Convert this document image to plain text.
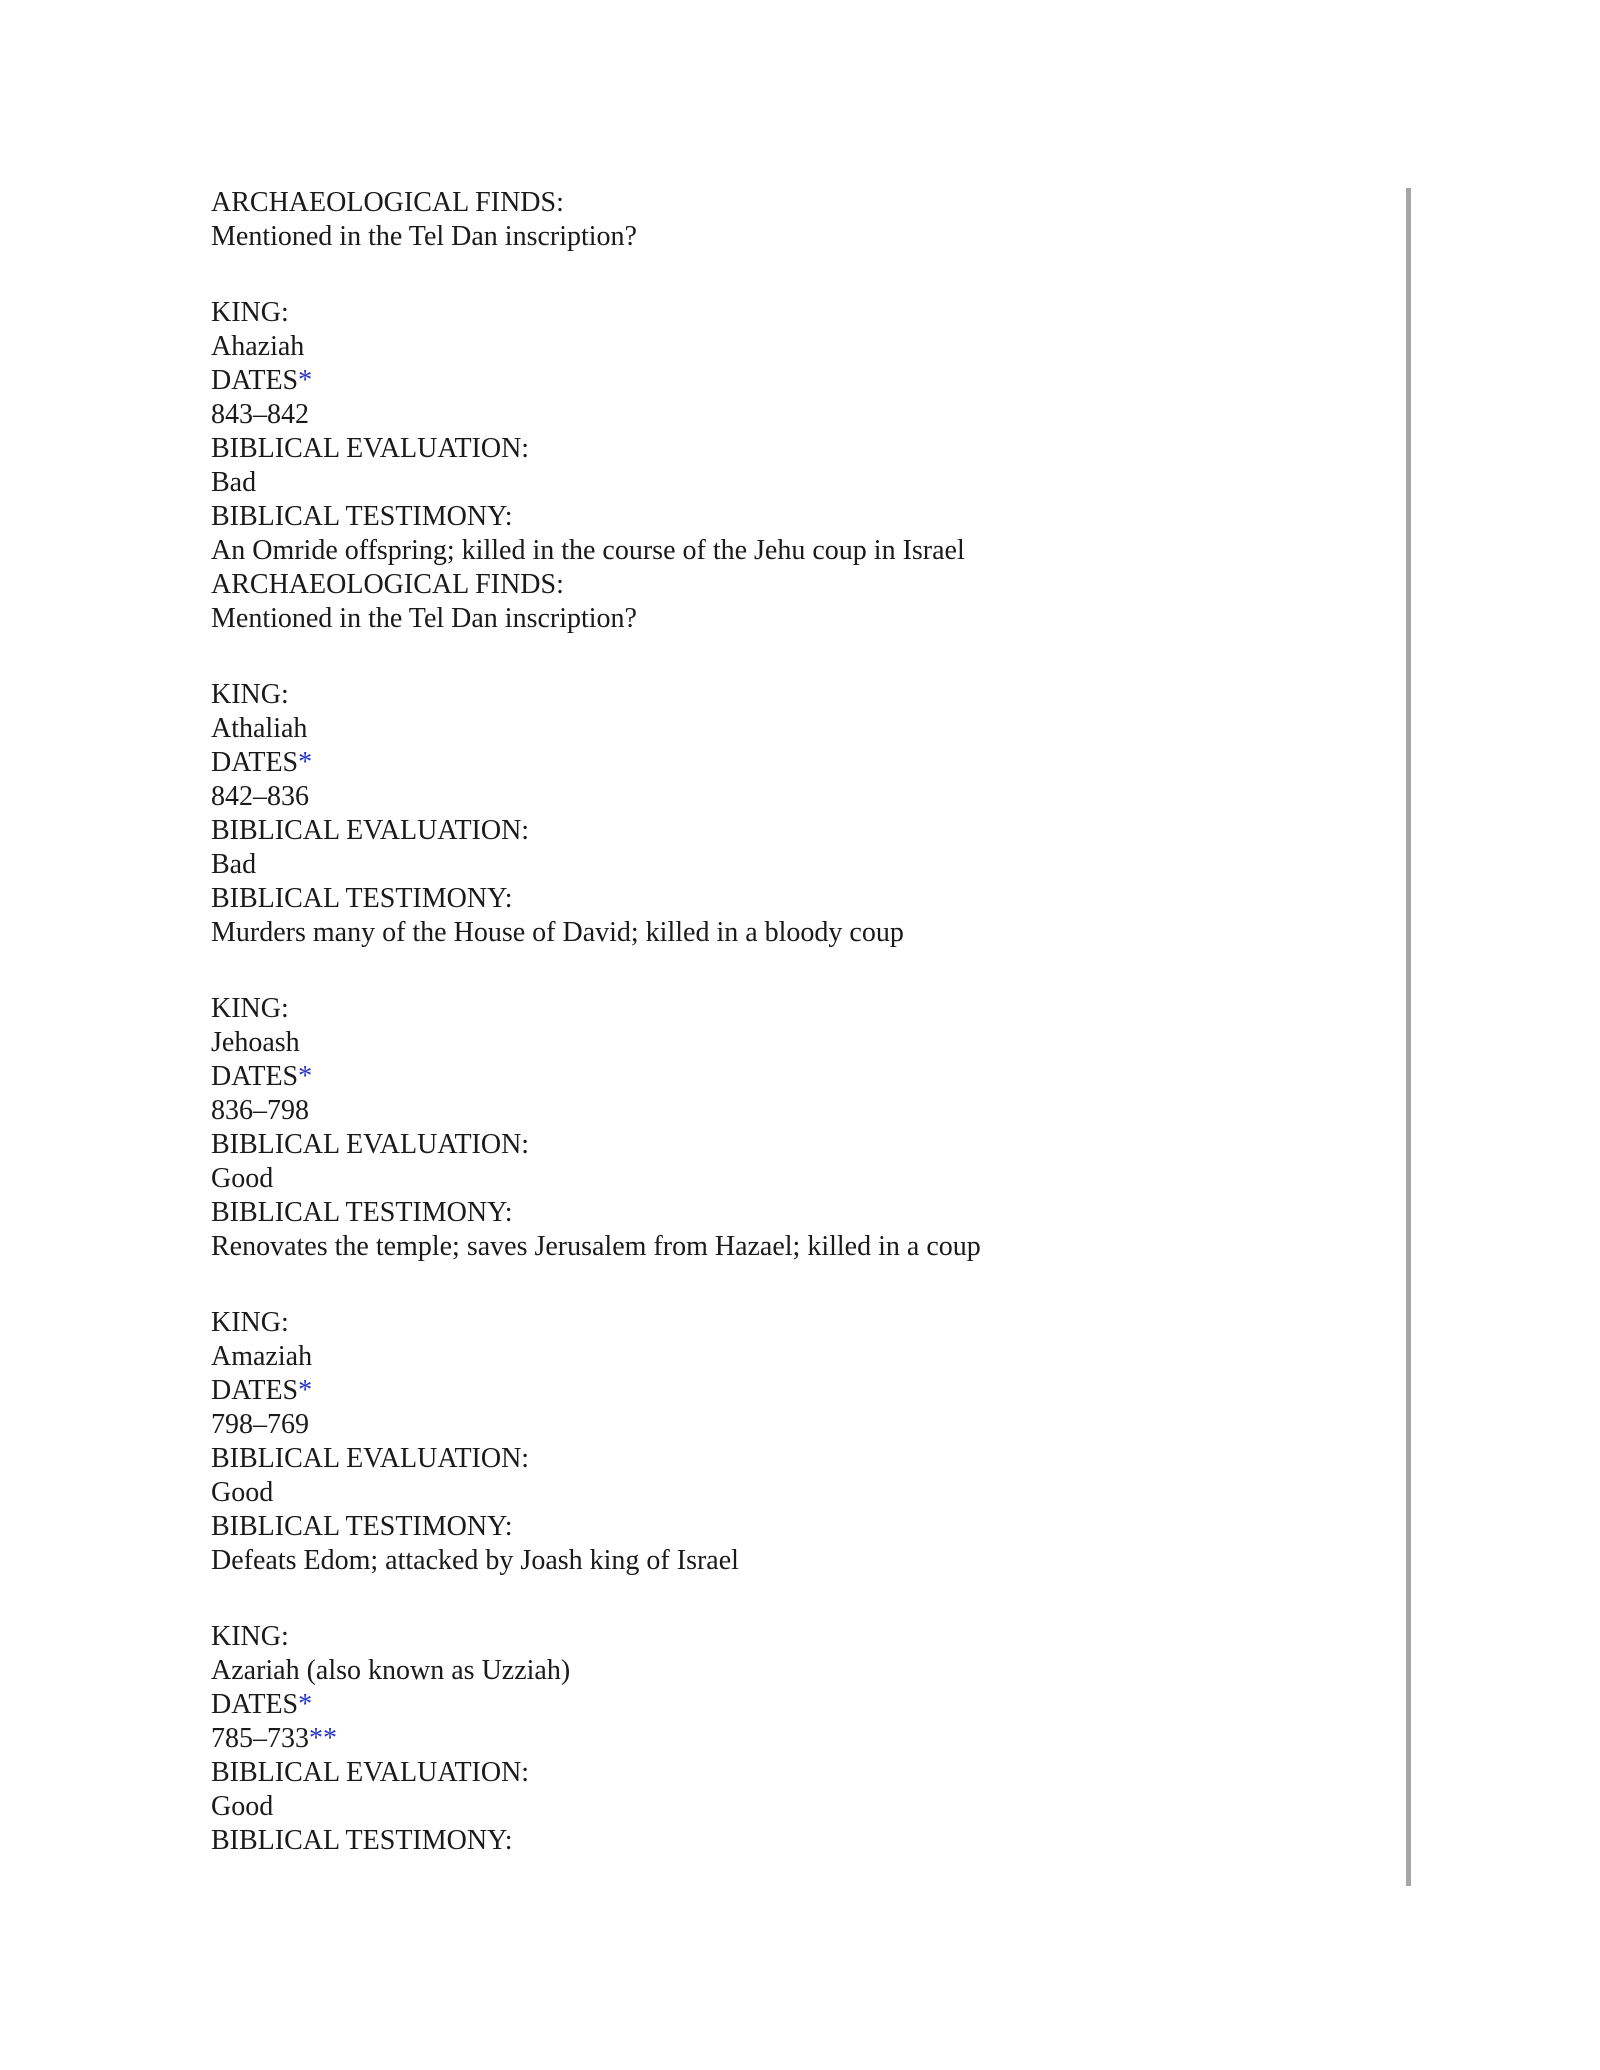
ARCHAEOLOGICAL FINDS:
Mentioned in the Tel Dan inscription?
KING:
Ahaziah
DATES*
843–842
BIBLICAL EVALUATION:
Bad
BIBLICAL TESTIMONY:
An Omride offspring; killed in the course of the Jehu coup in Israel
ARCHAEOLOGICAL FINDS:
Mentioned in the Tel Dan inscription?
KING:
Athaliah
DATES*
842–836
BIBLICAL EVALUATION:
Bad
BIBLICAL TESTIMONY:
Murders many of the House of David; killed in a bloody coup
KING:
Jehoash
DATES*
836–798
BIBLICAL EVALUATION:
Good
BIBLICAL TESTIMONY:
Renovates the temple; saves Jerusalem from Hazael; killed in a coup
KING:
Amaziah
DATES*
798–769
BIBLICAL EVALUATION:
Good
BIBLICAL TESTIMONY:
Defeats Edom; attacked by Joash king of Israel
KING:
Azariah (also known as Uzziah)
DATES*
785–733**
BIBLICAL EVALUATION:
Good
BIBLICAL TESTIMONY:
